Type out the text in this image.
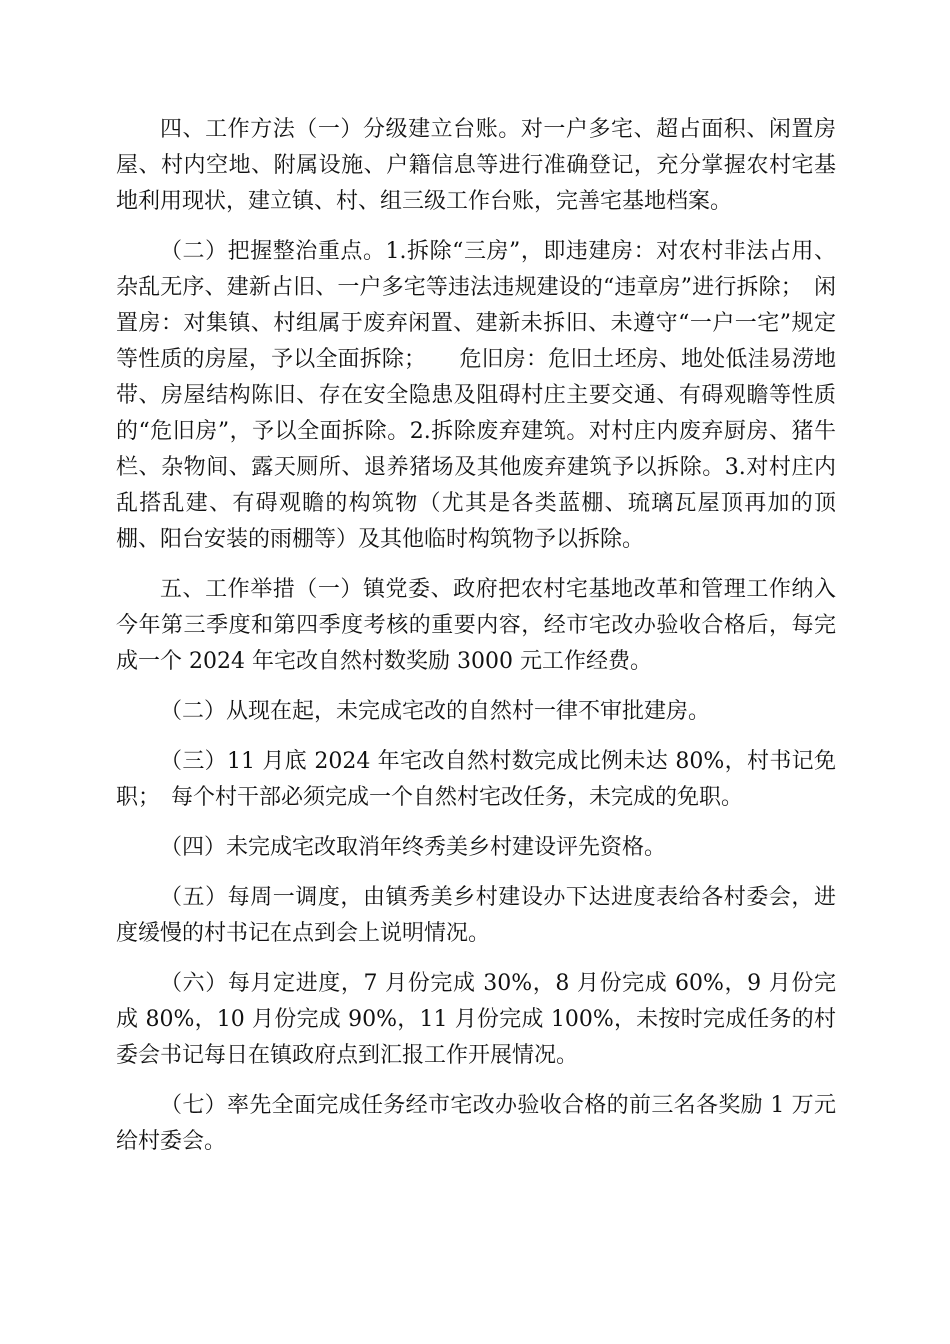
四、工作方法（一）分级建立台账。对一户多宅、超占面积、闲置房屋、村内空地、附属设施、户籍信息等进行准确登记，充分掌握农村宅基地利用现状，建立镇、村、组三级工作台账，完善宅基地档案。

（二）把握整治重点。1.拆除“三房”，即违建房：对农村非法占用、杂乱无序、建新占旧、一户多宅等违法违规建设的“违章房”进行拆除；　闲置房：对集镇、村组属于废弃闲置、建新未拆旧、未遵守“一户一宅”规定等性质的房屋，予以全面拆除；　　危旧房：危旧土坯房、地处低洼易涝地带、房屋结构陈旧、存在安全隐患及阻碍村庄主要交通、有碍观瞻等性质的“危旧房”，予以全面拆除。2.拆除废弃建筑。对村庄内废弃厨房、猪牛栏、杂物间、露天厕所、退养猪场及其他废弃建筑予以拆除。3.对村庄内乱搭乱建、有碍观瞻的构筑物（尤其是各类蓝棚、琉璃瓦屋顶再加的顶棚、阳台安装的雨棚等）及其他临时构筑物予以拆除。

五、工作举措（一）镇党委、政府把农村宅基地改革和管理工作纳入今年第三季度和第四季度考核的重要内容，经市宅改办验收合格后，每完成一个 2024 年宅改自然村数奖励 3000 元工作经费。

（二）从现在起，未完成宅改的自然村一律不审批建房。

（三）11 月底 2024 年宅改自然村数完成比例未达 80%，村书记免职；　每个村干部必须完成一个自然村宅改任务，未完成的免职。

（四）未完成宅改取消年终秀美乡村建设评先资格。

（五）每周一调度，由镇秀美乡村建设办下达进度表给各村委会，进度缓慢的村书记在点到会上说明情况。

（六）每月定进度，7 月份完成 30%，8 月份完成 60%，9 月份完成 80%，10 月份完成 90%，11 月份完成 100%，未按时完成任务的村委会书记每日在镇政府点到汇报工作开展情况。

（七）率先全面完成任务经市宅改办验收合格的前三名各奖励 1 万元给村委会。
